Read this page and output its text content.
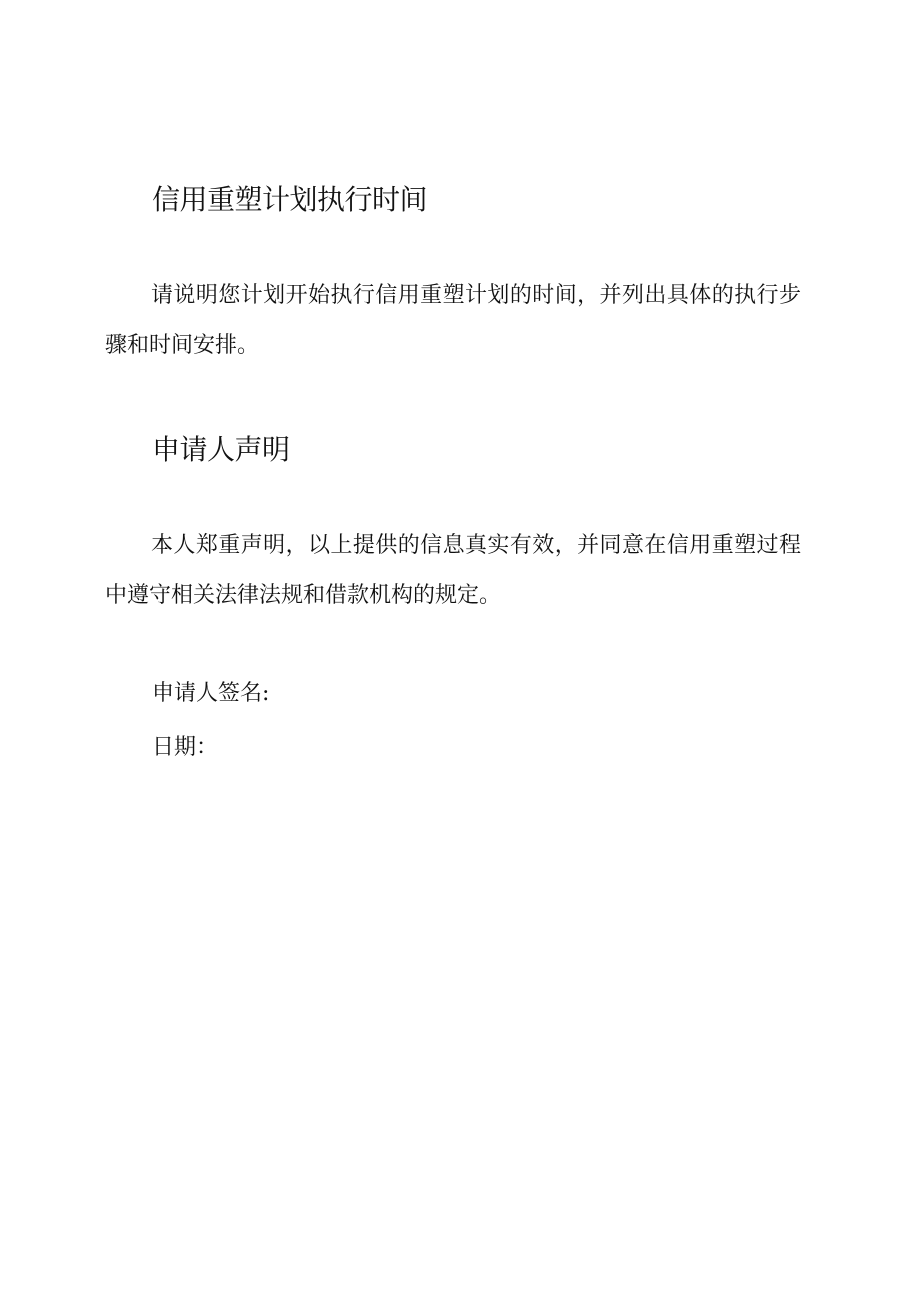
信用重塑计划执行时间

请说明您计划开始执行信用重塑计划的时间，并列出具体的执行步骤和时间安排。

申请人声明

本人郑重声明，以上提供的信息真实有效，并同意在信用重塑过程中遵守相关法律法规和借款机构的规定。

申请人签名:

日期：
